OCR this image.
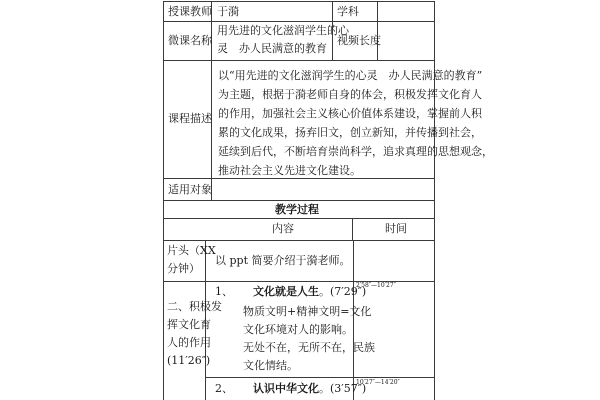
授课教师 于漪	学科
微课名称
用先进的文化滋润学生的心
灵　办人民满意的教育
视频长度
课程描述

以“用先进的文化滋润学生的心灵　办人民满意的教育”

为主题，根据于漪老师自身的体会，积极发挥文化育人

的作用，加强社会主义核心价值体系建设，掌握前人积

累的文化成果，扬弃旧文，创立新知，并传播到社会，

延续到后代，不断培育崇尚科学，追求真理的思想观念，

推动社会主义先进文化建设。

适用对象
教学过程
内容	时间
片头（XX
分钟）
以 ppt 简要介绍于漪老师。
二、积极发
挥文化育
人的作用
(11′26″)
1、 文化就是人生。(7′29″)
物质文明+精神文明=文化
文化环境对人的影响。
无处不在，无所不在，民族
文化情结。
2′58″—10′27″
2、 认识中华文化。(3′57″)
10′27″—14′20″
